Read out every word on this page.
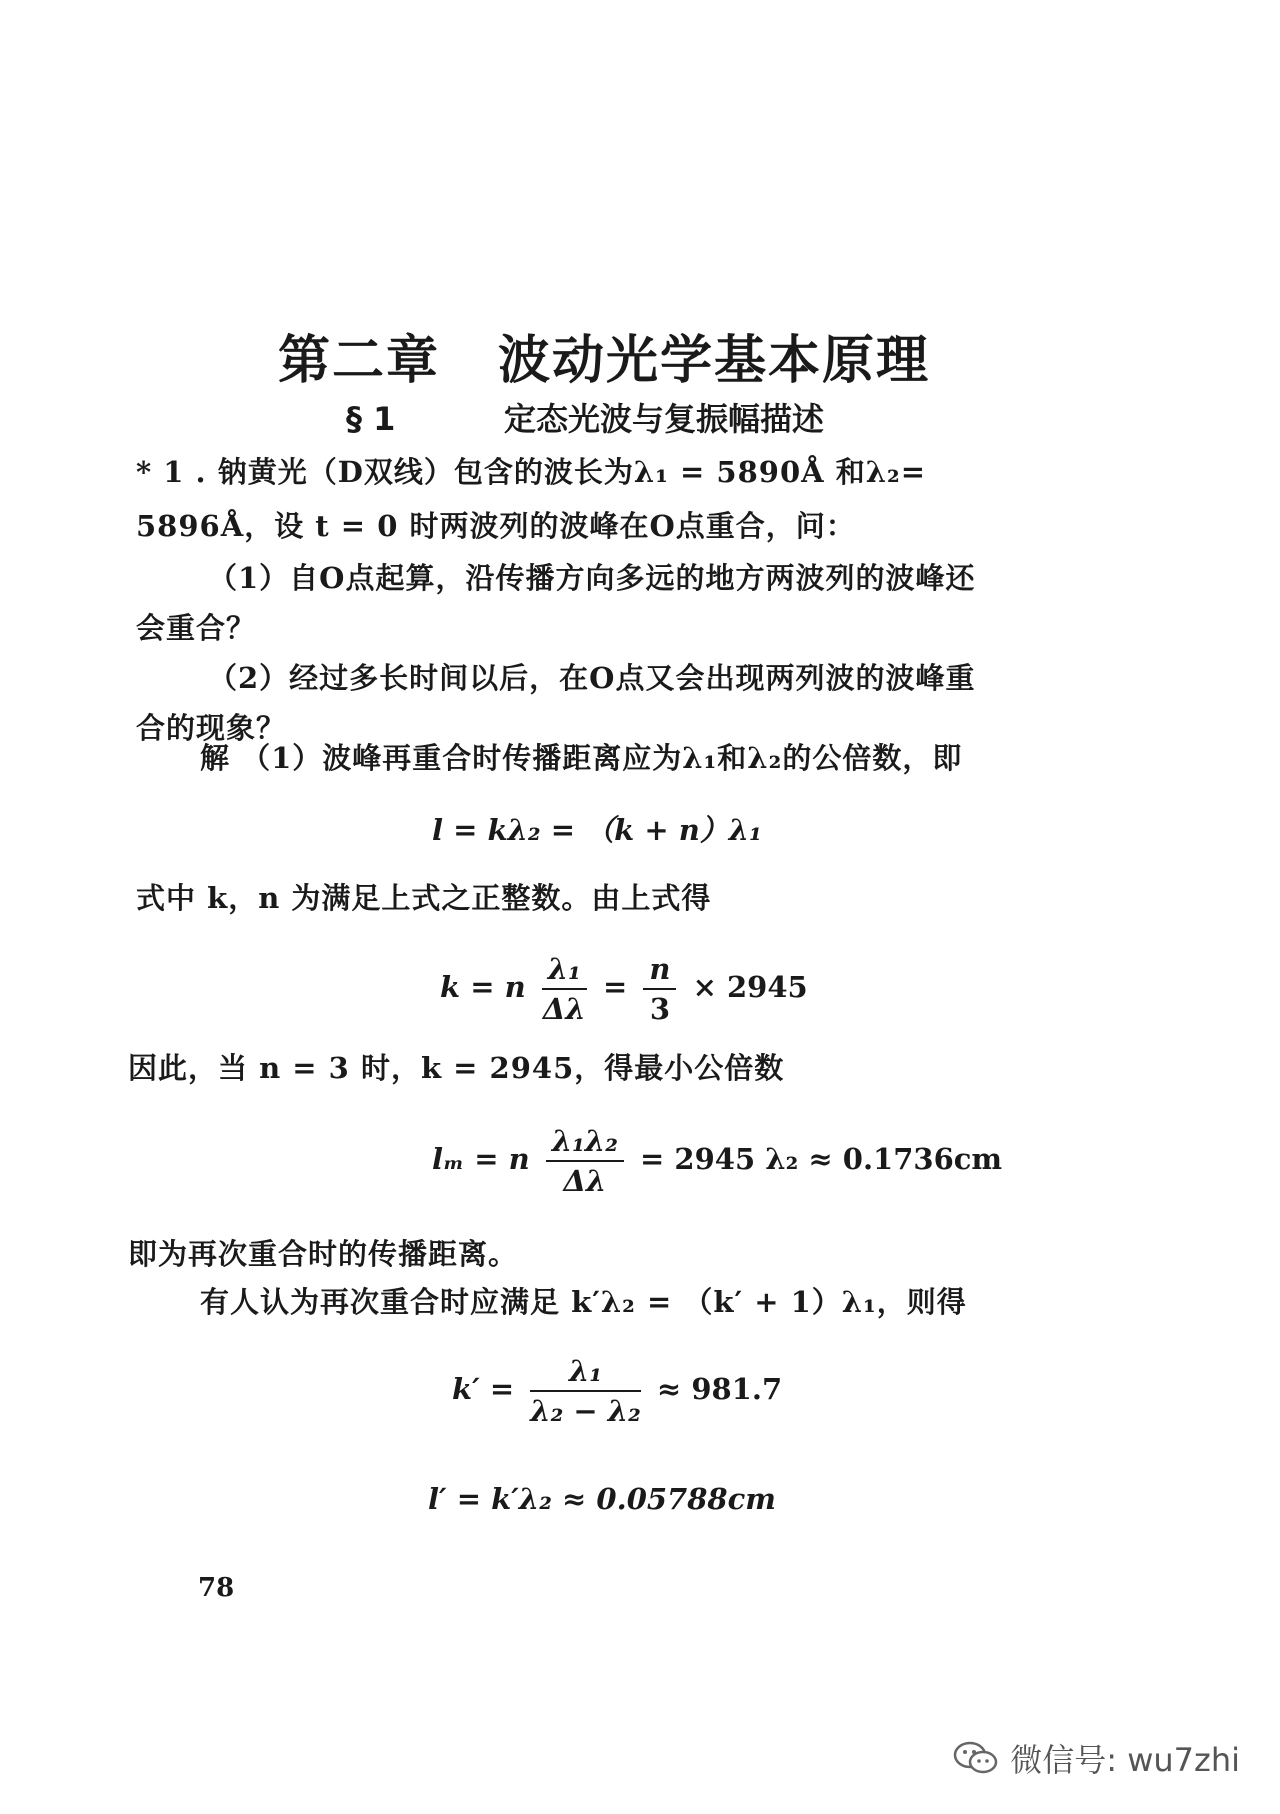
第二章 波动光学基本原理
§ 1	定态光波与复振幅描述
* 1 . 钠黄光（D双线）包含的波长为λ₁ = 5890Å 和λ₂=
5896Å，设 t = 0 时两波列的波峰在O点重合，问：
（1）自O点起算，沿传播方向多远的地方两波列的波峰还
会重合？
（2）经过多长时间以后，在O点又会出现两列波的波峰重
合的现象？
解 （1）波峰再重合时传播距离应为λ₁和λ₂的公倍数，即
l = kλ₂ = （k + n）λ₁
式中 k，n 为满足上式之正整数。由上式得
k = n $\frac{\text{λ₁}}{\Delta\lambda} = \frac{n}{3} \times 2945$
因此，当 n = 3 时，k = 2945，得最小公倍数
lₘ = n $\frac{\text{λ₁λ₂}}{\Delta\lambda} = 2945$ λ₂ ≈ 0.1736cm
即为再次重合时的传播距离。
有人认为再次重合时应满足 k′λ₂ = （k′ + 1）λ₁，则得
$k' = \frac{\text{λ₁}}{\text{λ₂ − λ₂}} \approx 981.7$
l′ = k′λ₂ ≈ 0.05788cm
78
微信号: wu7zhi
